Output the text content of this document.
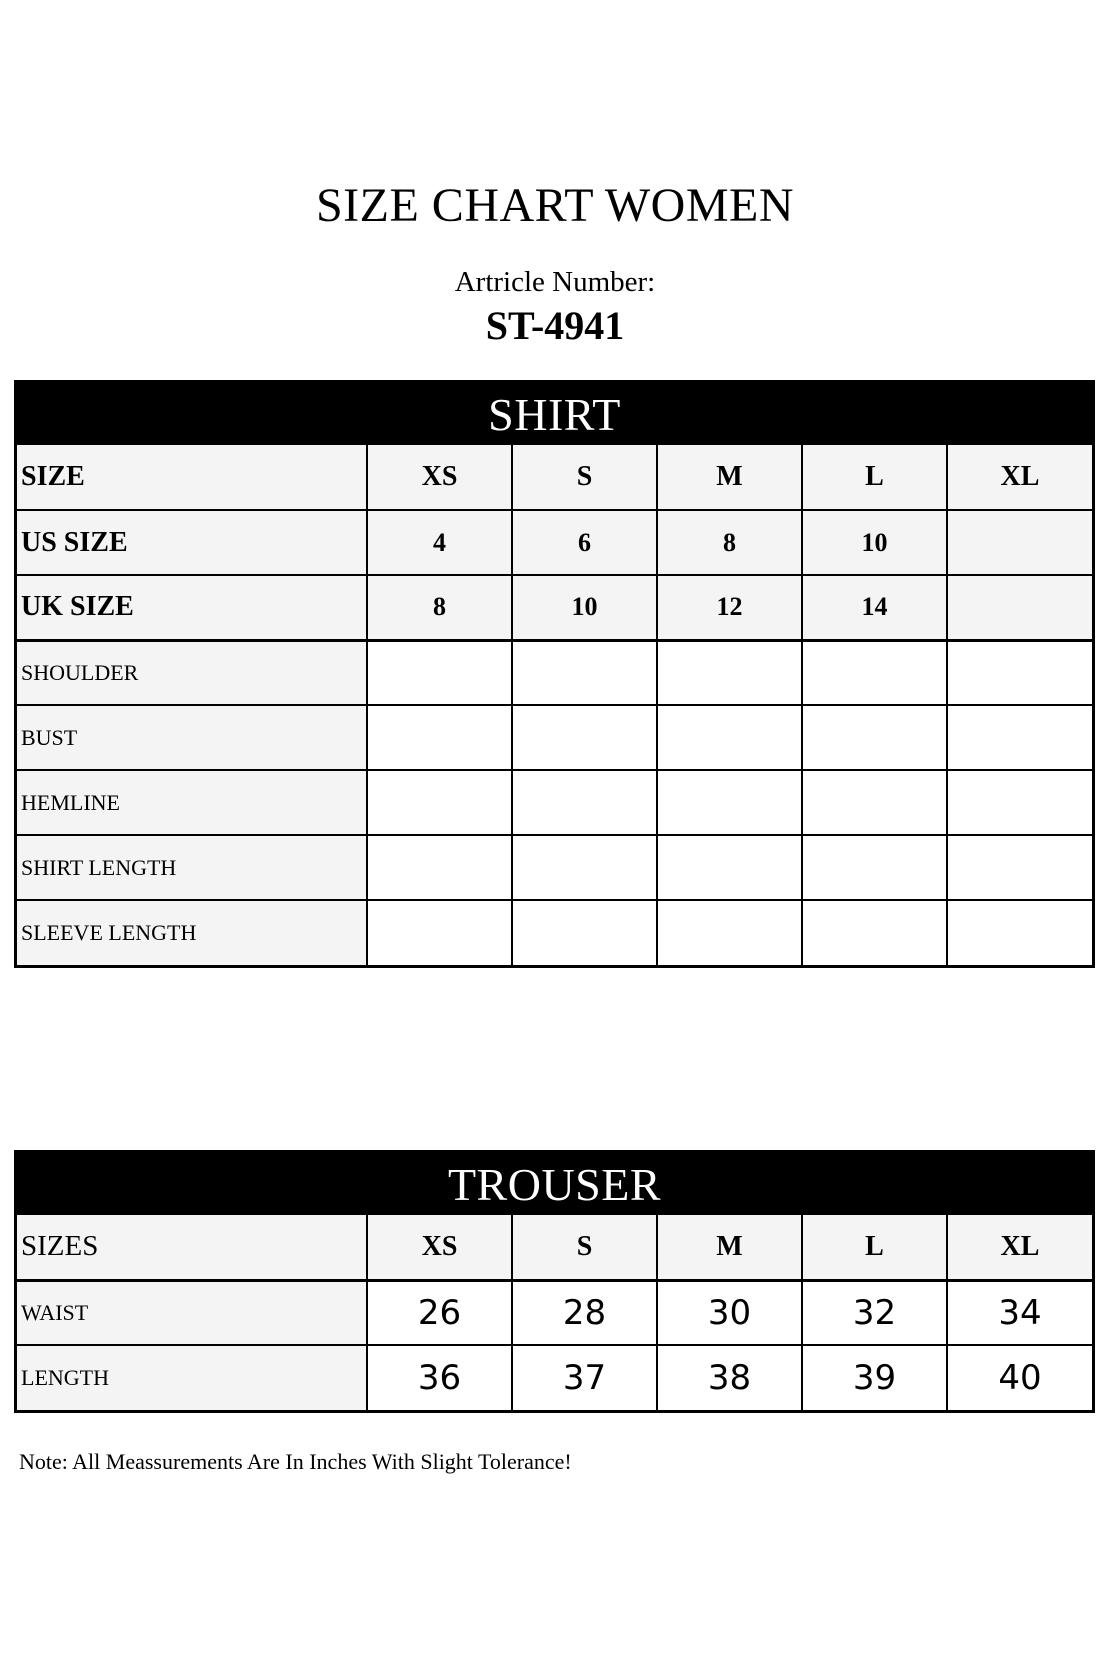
SIZE CHART WOMEN
Artricle Number:
ST-4941
SHIRT
SIZE	XS	S	M	L	XL
US SIZE	4	6	8	10	
UK SIZE	8	10	12	14	
SHOULDER					
BUST					
HEMLINE					
SHIRT LENGTH					
SLEEVE LENGTH					
TROUSER
SIZES	XS	S	M	L	XL
WAIST	26	28	30	32	34
LENGTH	36	37	38	39	40
Note: All Meassurements Are In Inches With Slight Tolerance!
